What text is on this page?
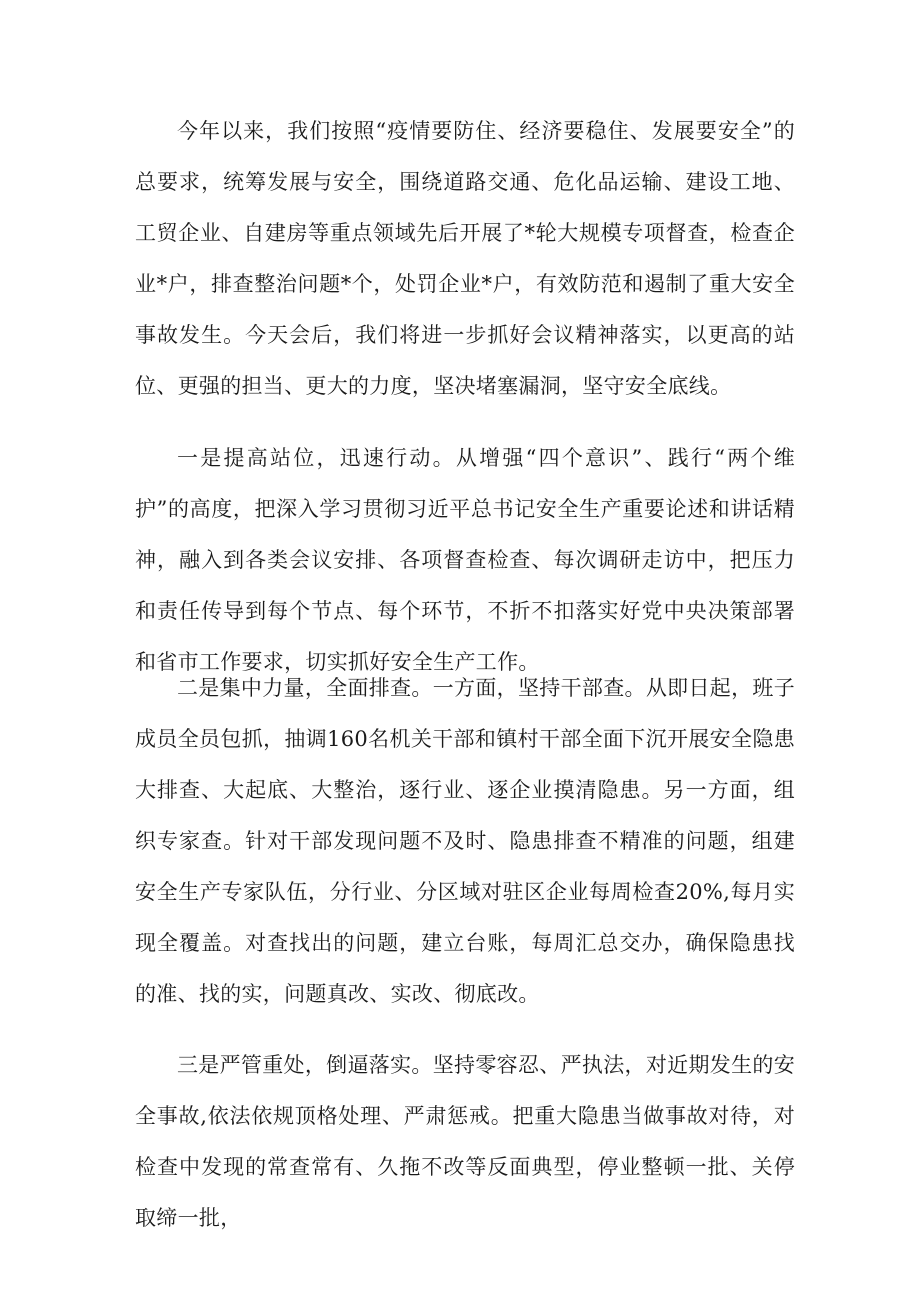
今年以来，我们按照“疫情要防住、经济要稳住、发展要安全”的总要求，统筹发展与安全，围绕道路交通、危化品运输、建设工地、工贸企业、自建房等重点领域先后开展了*轮大规模专项督查，检查企业*户，排查整治问题*个，处罚企业*户，有效防范和遏制了重大安全事故发生。今天会后，我们将进一步抓好会议精神落实，以更高的站位、更强的担当、更大的力度，坚决堵塞漏洞，坚守安全底线。

一是提高站位，迅速行动。从增强“四个意识”、践行“两个维护”的高度，把深入学习贯彻习近平总书记安全生产重要论述和讲话精神，融入到各类会议安排、各项督查检查、每次调研走访中，把压力和责任传导到每个节点、每个环节，不折不扣落实好党中央决策部署和省市工作要求，切实抓好安全生产工作。

二是集中力量，全面排查。一方面，坚持干部查。从即日起，班子成员全员包抓，抽调160名机关干部和镇村干部全面下沉开展安全隐患大排查、大起底、大整治，逐行业、逐企业摸清隐患。另一方面，组织专家查。针对干部发现问题不及时、隐患排查不精准的问题，组建安全生产专家队伍，分行业、分区域对驻区企业每周检查20%,每月实现全覆盖。对查找出的问题，建立台账，每周汇总交办，确保隐患找的准、找的实，问题真改、实改、彻底改。

三是严管重处，倒逼落实。坚持零容忍、严执法，对近期发生的安全事故,依法依规顶格处理、严肃惩戒。把重大隐患当做事故对待，对检查中发现的常查常有、久拖不改等反面典型，停业整顿一批、关停取缔一批，
